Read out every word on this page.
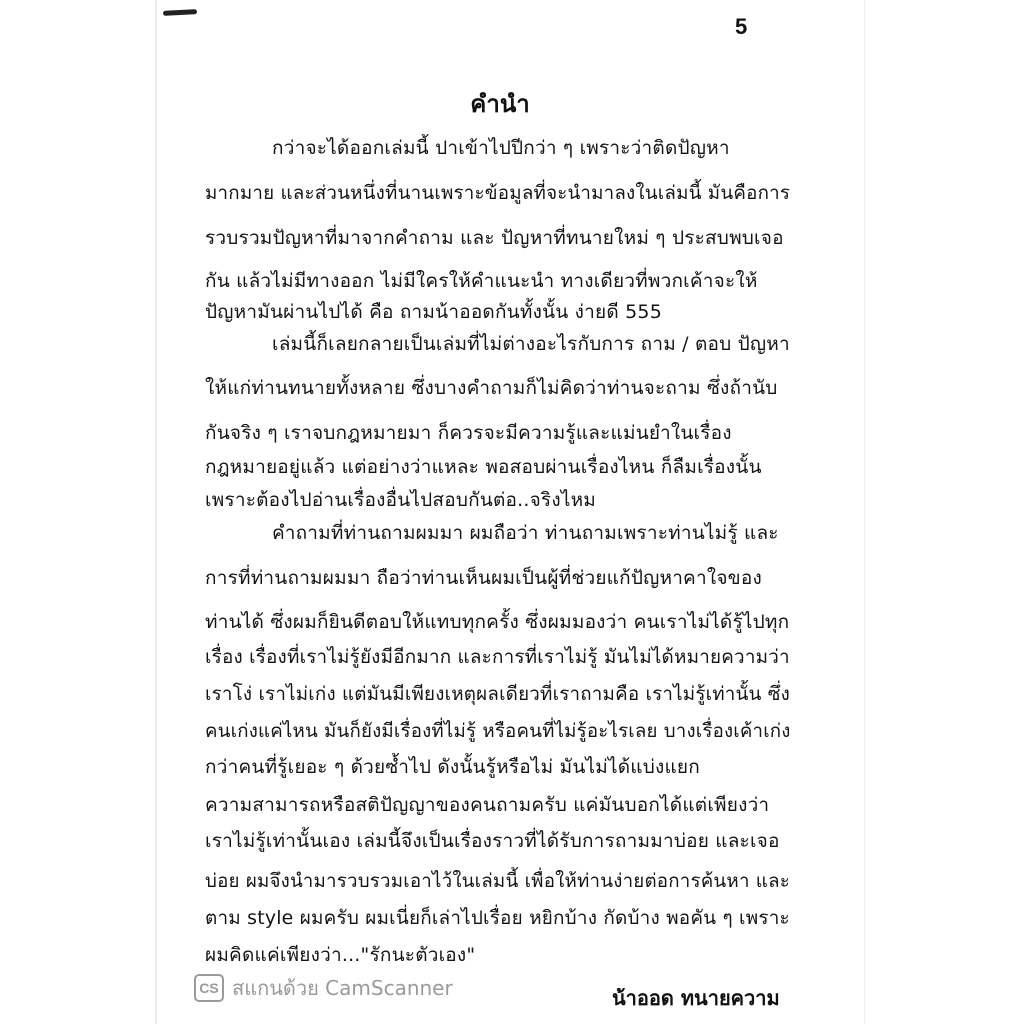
5
คำนำ
กว่าจะได้ออกเล่มนี้ ปาเข้าไปปีกว่า ๆ เพราะว่าติดปัญหา
มากมาย และส่วนหนึ่งที่นานเพราะข้อมูลที่จะนำมาลงในเล่มนี้ มันคือการ
รวบรวมปัญหาที่มาจากคำถาม และ ปัญหาที่ทนายใหม่ ๆ ประสบพบเจอ
กัน แล้วไม่มีทางออก ไม่มีใครให้คำแนะนำ ทางเดียวที่พวกเค้าจะให้
ปัญหามันผ่านไปได้ คือ ถามน้าออดกันทั้งนั้น ง่ายดี 555
เล่มนี้ก็เลยกลายเป็นเล่มที่ไม่ต่างอะไรกับการ ถาม / ตอบ ปัญหา
ให้แก่ท่านทนายทั้งหลาย ซึ่งบางคำถามก็ไม่คิดว่าท่านจะถาม ซึ่งถ้านับ
กันจริง ๆ เราจบกฎหมายมา ก็ควรจะมีความรู้และแม่นยำในเรื่อง
กฎหมายอยู่แล้ว แต่อย่างว่าแหละ พอสอบผ่านเรื่องไหน ก็ลืมเรื่องนั้น
เพราะต้องไปอ่านเรื่องอื่นไปสอบกันต่อ..จริงไหม
คำถามที่ท่านถามผมมา ผมถือว่า ท่านถามเพราะท่านไม่รู้ และ
การที่ท่านถามผมมา ถือว่าท่านเห็นผมเป็นผู้ที่ช่วยแก้ปัญหาคาใจของ
ท่านได้ ซึ่งผมก็ยินดีตอบให้แทบทุกครั้ง ซึ่งผมมองว่า คนเราไม่ได้รู้ไปทุก
เรื่อง เรื่องที่เราไม่รู้ยังมีอีกมาก และการที่เราไม่รู้ มันไม่ได้หมายความว่า
เราโง่ เราไม่เก่ง แต่มันมีเพียงเหตุผลเดียวที่เราถามคือ เราไม่รู้เท่านั้น ซึ่ง
คนเก่งแค่ไหน มันก็ยังมีเรื่องที่ไม่รู้ หรือคนที่ไม่รู้อะไรเลย บางเรื่องเค้าเก่ง
กว่าคนที่รู้เยอะ ๆ ด้วยซ้ำไป ดังนั้นรู้หรือไม่ มันไม่ได้แบ่งแยก
ความสามารถหรือสติปัญญาของคนถามครับ แค่มันบอกได้แต่เพียงว่า
เราไม่รู้เท่านั้นเอง เล่มนี้จึงเป็นเรื่องราวที่ได้รับการถามมาบ่อย และเจอ
บ่อย ผมจึงนำมารวบรวมเอาไว้ในเล่มนี้ เพื่อให้ท่านง่ายต่อการค้นหา และ
ตาม style ผมครับ ผมเนี่ยก็เล่าไปเรื่อย หยิกบ้าง กัดบ้าง พอคัน ๆ เพราะ
ผมคิดแค่เพียงว่า..."รักนะตัวเอง"
CS สแกนด้วย CamScanner	น้าออด ทนายความ
